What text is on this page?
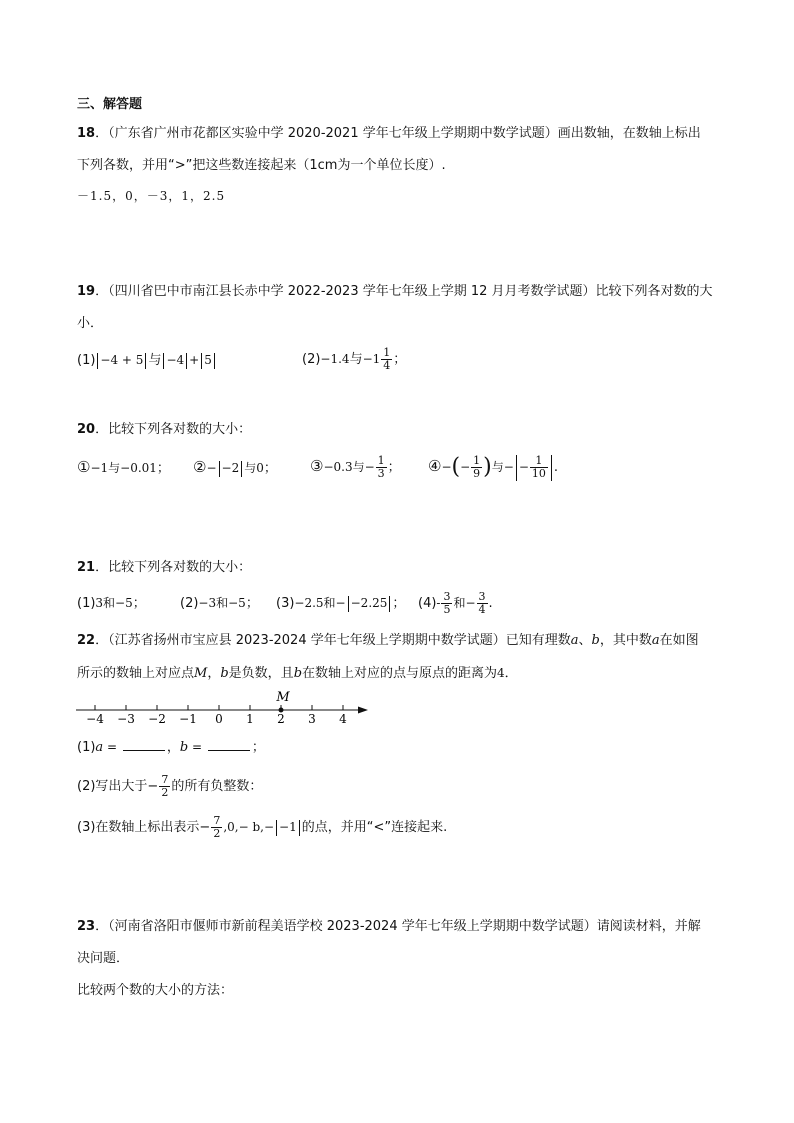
三、解答题
18．（广东省广州市花都区实验中学 2020-2021 学年七年级上学期期中数学试题）画出数轴，在数轴上标出
下列各数，并用“>”把这些数连接起来（1cm为一个单位长度）.
－1.5，0，－3，1，2.5
19．（四川省巴中市南江县长赤中学 2022-2023 学年七年级上学期 12 月月考数学试题）比较下列各对数的大
小．
(1) −4 + 5 与 −4 + 5	(2)−1.4与$-1 \frac{1}{4}$ ；
20．比较下列各对数的大小：
①−1与−0.01； ②− −2 与0； ③−0.3与− $\frac{1}{3}$ ； ④−(− $\frac{1}{9}$ )与− − $\frac{1}{10}$ .
21．比较下列各对数的大小：
(1)3和−5；	(2)−3和−5； (3)−2.5和− −2.25 ； $(4)- \frac{3}{5}$ 和− $\frac{3}{4}$ .
22．（江苏省扬州市宝应县 2023-2024 学年七年级上学期期中数学试题）已知有理数a、b，其中数a在如图
所示的数轴上对应点M，b是负数，且b在数轴上对应的点与原点的距离为4．
−4 −3 −2 −1 0 1 2 3 4
M
(1)a =	，b =	；
(2)写出大于− $\frac{7}{2}$ 的所有负整数：
(3)在数轴上标出表示− $\frac{7}{2} ,0,- b,- -1$ 的点，并用“<”连接起来.
23．（河南省洛阳市偃师市新前程美语学校 2023-2024 学年七年级上学期期中数学试题）请阅读材料，并解
决问题．
比较两个数的大小的方法：
